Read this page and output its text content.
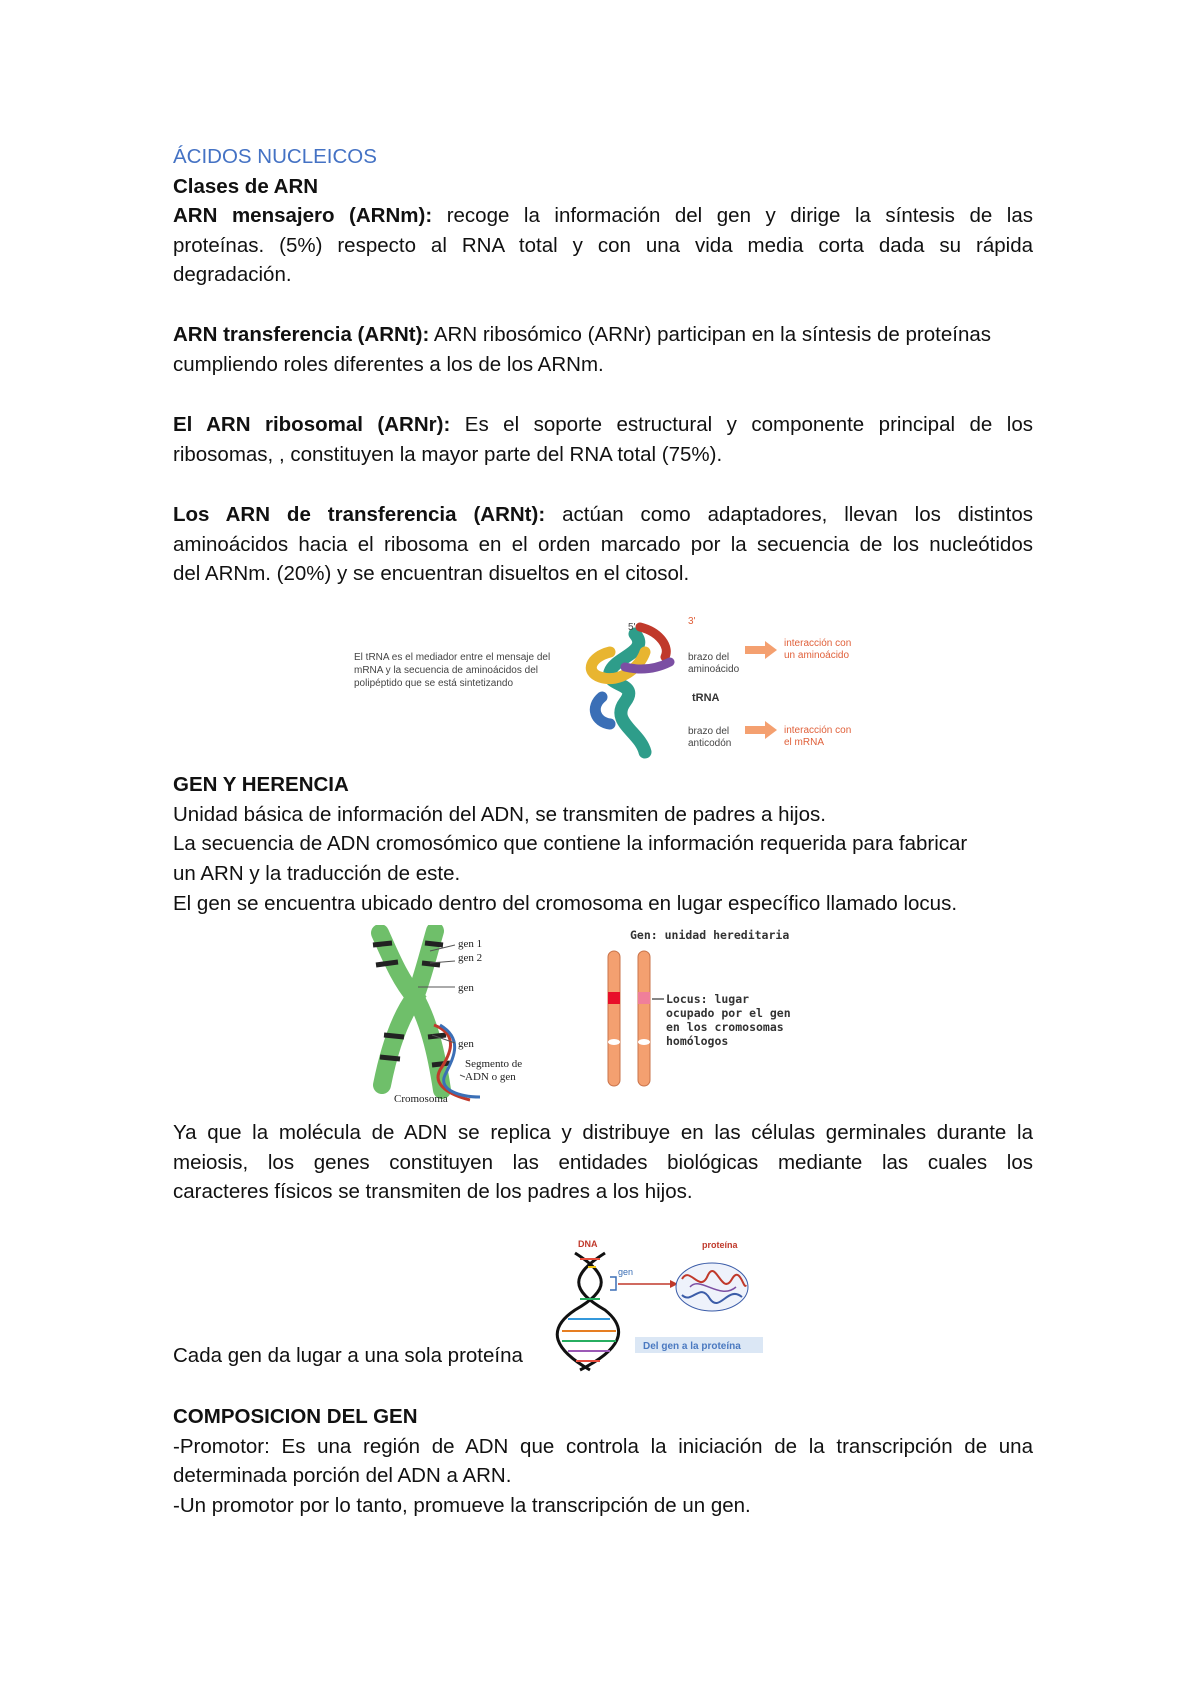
ÁCIDOS NUCLEICOS
Clases de ARN
ARN mensajero (ARNm): recoge la información del gen y dirige la síntesis de las
proteínas. (5%) respecto al RNA total y con una vida media corta dada su rápida
degradación.
ARN transferencia (ARNt): ARN ribosómico (ARNr) participan en la síntesis de proteínas
cumpliendo roles diferentes a los de los ARNm.
El ARN ribosomal (ARNr): Es el soporte estructural y componente principal de los
ribosomas, , constituyen la mayor parte del RNA total (75%).
Los ARN de transferencia (ARNt): actúan como adaptadores, llevan los distintos
aminoácidos hacia el ribosoma en el orden marcado por la secuencia de los nucleótidos
del ARNm. (20%) y se encuentran disueltos en el citosol.
El tRNA es el mediador entre el mensaje del
mRNA y la secuencia de aminoácidos del
polipéptido que se está sintetizando
5'
3'
brazo del
aminoácido
tRNA
brazo del
anticodón
interacción con
un aminoácido
interacción con
el mRNA
GEN Y HERENCIA
Unidad básica de información del ADN, se transmiten de padres a hijos.
La secuencia de ADN cromosómico que contiene la información requerida para fabricar
un ARN y la traducción de este.
El gen se encuentra ubicado dentro del cromosoma en lugar específico llamado locus.
gen 1
gen 2
gen
gen
Segmento de
ADN o gen
Cromosoma
Gen: unidad hereditaria
Locus: lugar
ocupado por el gen
en los cromosomas
homólogos
Ya que la molécula de ADN se replica y distribuye en las células germinales durante la
meiosis, los genes constituyen las entidades biológicas mediante las cuales los
caracteres físicos se transmiten de los padres a los hijos.
DNA
gen
proteína
Del gen a la proteína
Cada gen da lugar a una sola proteína
COMPOSICION DEL GEN
-Promotor: Es una región de ADN que controla la iniciación de la transcripción de una
determinada porción del ADN a ARN.
-Un promotor por lo tanto, promueve la transcripción de un gen.
